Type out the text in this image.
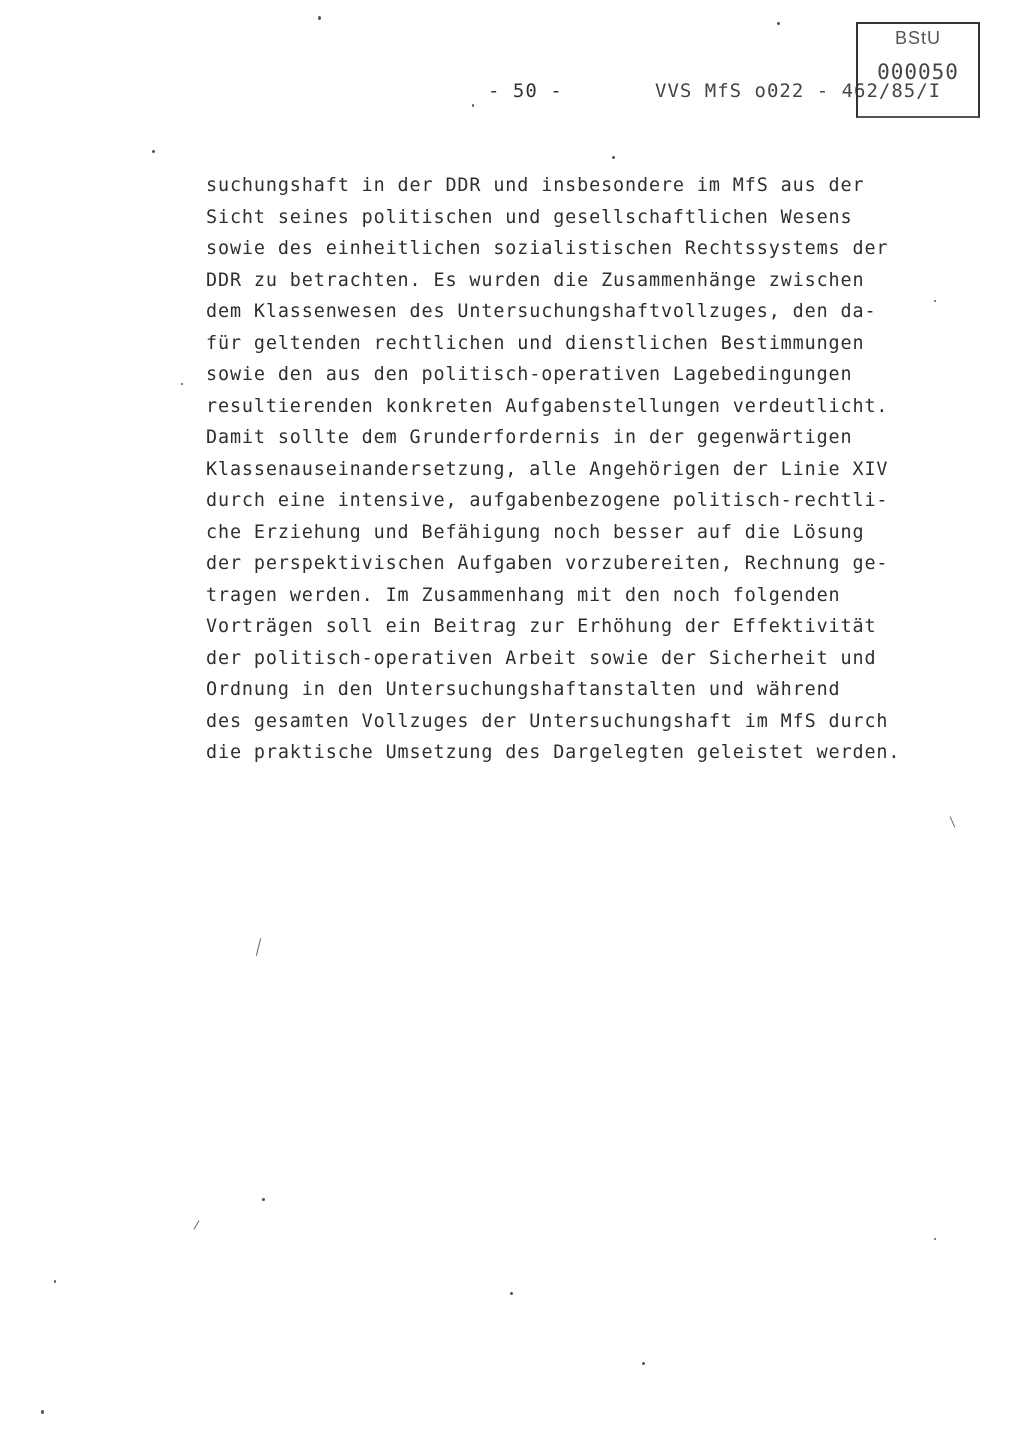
- 50 -	VVS MfS o022 - 462/85/I
BStU
000050
suchungshaft in der DDR und insbesondere im MfS aus der
Sicht seines politischen und gesellschaftlichen Wesens
sowie des einheitlichen sozialistischen Rechtssystems der
DDR zu betrachten. Es wurden die Zusammenhänge zwischen
dem Klassenwesen des Untersuchungshaftvollzuges, den da-
für geltenden rechtlichen und dienstlichen Bestimmungen
sowie den aus den politisch-operativen Lagebedingungen
resultierenden konkreten Aufgabenstellungen verdeutlicht.
Damit sollte dem Grunderfordernis in der gegenwärtigen
Klassenauseinandersetzung, alle Angehörigen der Linie XIV
durch eine intensive, aufgabenbezogene politisch-rechtli-
che Erziehung und Befähigung noch besser auf die Lösung
der perspektivischen Aufgaben vorzubereiten, Rechnung ge-
tragen werden. Im Zusammenhang mit den noch folgenden
Vorträgen soll ein Beitrag zur Erhöhung der Effektivität
der politisch-operativen Arbeit sowie der Sicherheit und
Ordnung in den Untersuchungshaftanstalten und während
des gesamten Vollzuges der Untersuchungshaft im MfS durch
die praktische Umsetzung des Dargelegten geleistet werden.
